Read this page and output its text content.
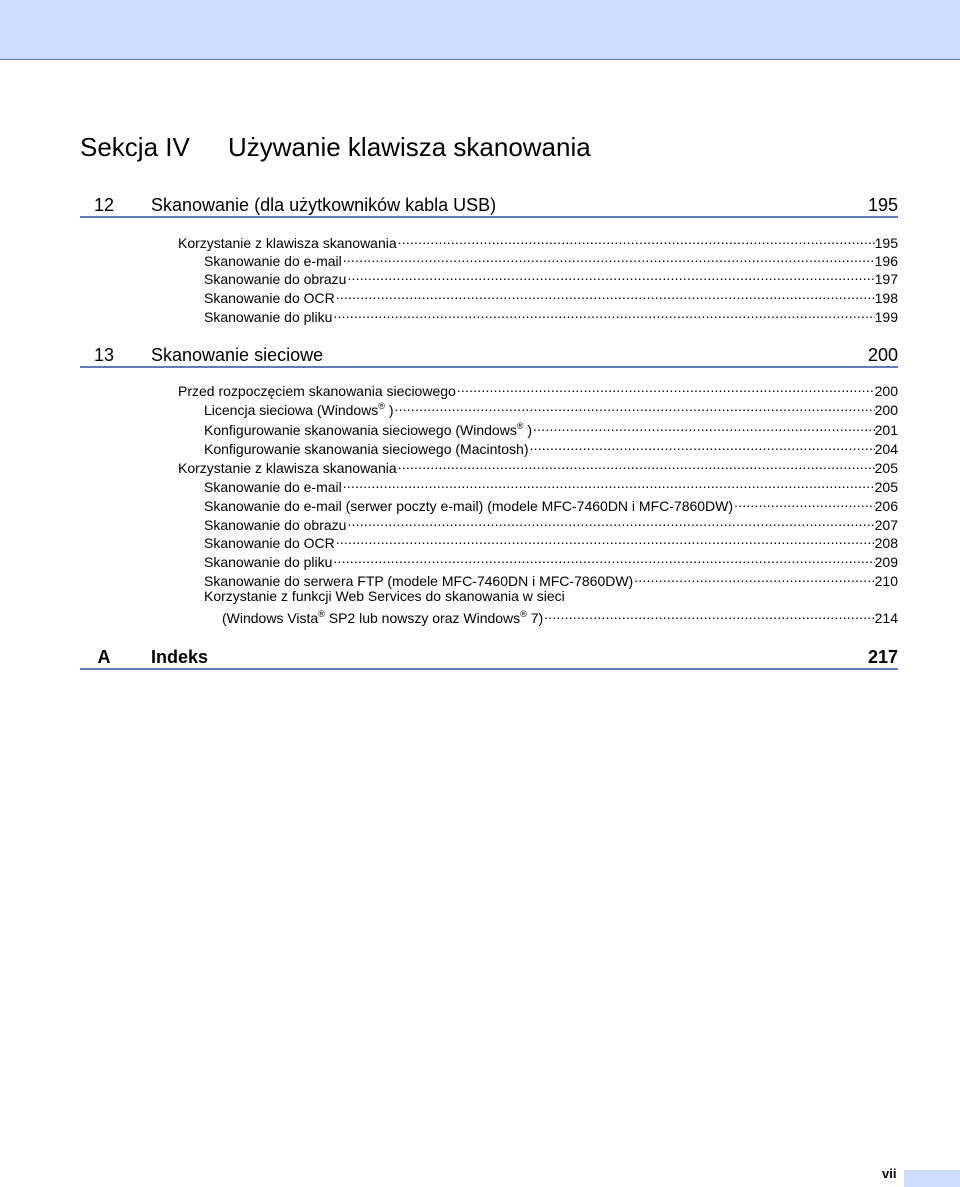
Sekcja IV Używanie klawisza skanowania
12	Skanowanie (dla użytkowników kabla USB)	195
Korzystanie z klawisza skanowania .....	195
Skanowanie do e-mail .....	196
Skanowanie do obrazu .....	197
Skanowanie do OCR .....	198
Skanowanie do pliku .....	199
13	Skanowanie sieciowe	200
Przed rozpoczęciem skanowania sieciowego .....	200
Licencja sieciowa (Windows® ) .....	200
Konfigurowanie skanowania sieciowego (Windows® ) .....	201
Konfigurowanie skanowania sieciowego (Macintosh) .....	204
Korzystanie z klawisza skanowania .....	205
Skanowanie do e-mail .....	205
Skanowanie do e-mail (serwer poczty e-mail) (modele MFC-7460DN i MFC-7860DW) .....	206
Skanowanie do obrazu .....	207
Skanowanie do OCR .....	208
Skanowanie do pliku .....	209
Skanowanie do serwera FTP (modele MFC-7460DN i MFC-7860DW) .....	210
Korzystanie z funkcji Web Services do skanowania w sieci
(Windows Vista® SP2 lub nowszy oraz Windows® 7) .....	214
A	Indeks	217
vii
